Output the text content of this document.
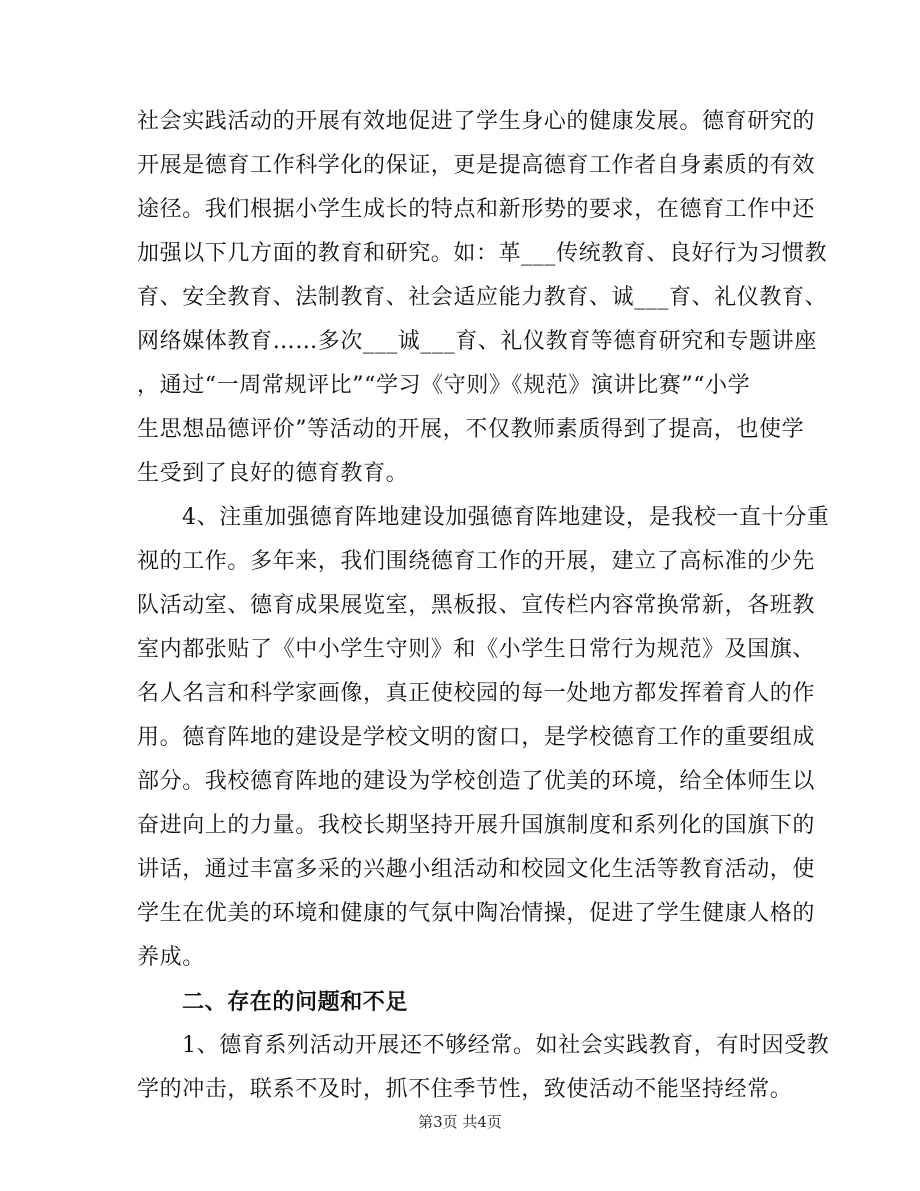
社会实践活动的开展有效地促进了学生身心的健康发展。德育研究的
开展是德育工作科学化的保证，更是提高德育工作者自身素质的有效
途径。我们根据小学生成长的特点和新形势的要求，在德育工作中还
加强以下几方面的教育和研究。如：革___传统教育、良好行为习惯教
育、安全教育、法制教育、社会适应能力教育、诚___育、礼仪教育、
网络媒体教育……多次___诚___育、礼仪教育等德育研究和专题讲座
，通过“一周常规评比”“学习《守则》《规范》演讲比赛”“小学
生思想品德评价”等活动的开展，不仅教师素质得到了提高，也使学
生受到了良好的德育教育。
4、注重加强德育阵地建设加强德育阵地建设，是我校一直十分重
视的工作。多年来，我们围绕德育工作的开展，建立了高标准的少先
队活动室、德育成果展览室，黑板报、宣传栏内容常换常新，各班教
室内都张贴了《中小学生守则》和《小学生日常行为规范》及国旗、
名人名言和科学家画像，真正使校园的每一处地方都发挥着育人的作
用。德育阵地的建设是学校文明的窗口，是学校德育工作的重要组成
部分。我校德育阵地的建设为学校创造了优美的环境，给全体师生以
奋进向上的力量。我校长期坚持开展升国旗制度和系列化的国旗下的
讲话，通过丰富多采的兴趣小组活动和校园文化生活等教育活动，使
学生在优美的环境和健康的气氛中陶冶情操，促进了学生健康人格的
养成。
二、存在的问题和不足
1、德育系列活动开展还不够经常。如社会实践教育，有时因受教
学的冲击，联系不及时，抓不住季节性，致使活动不能坚持经常。
第3页 共4页
